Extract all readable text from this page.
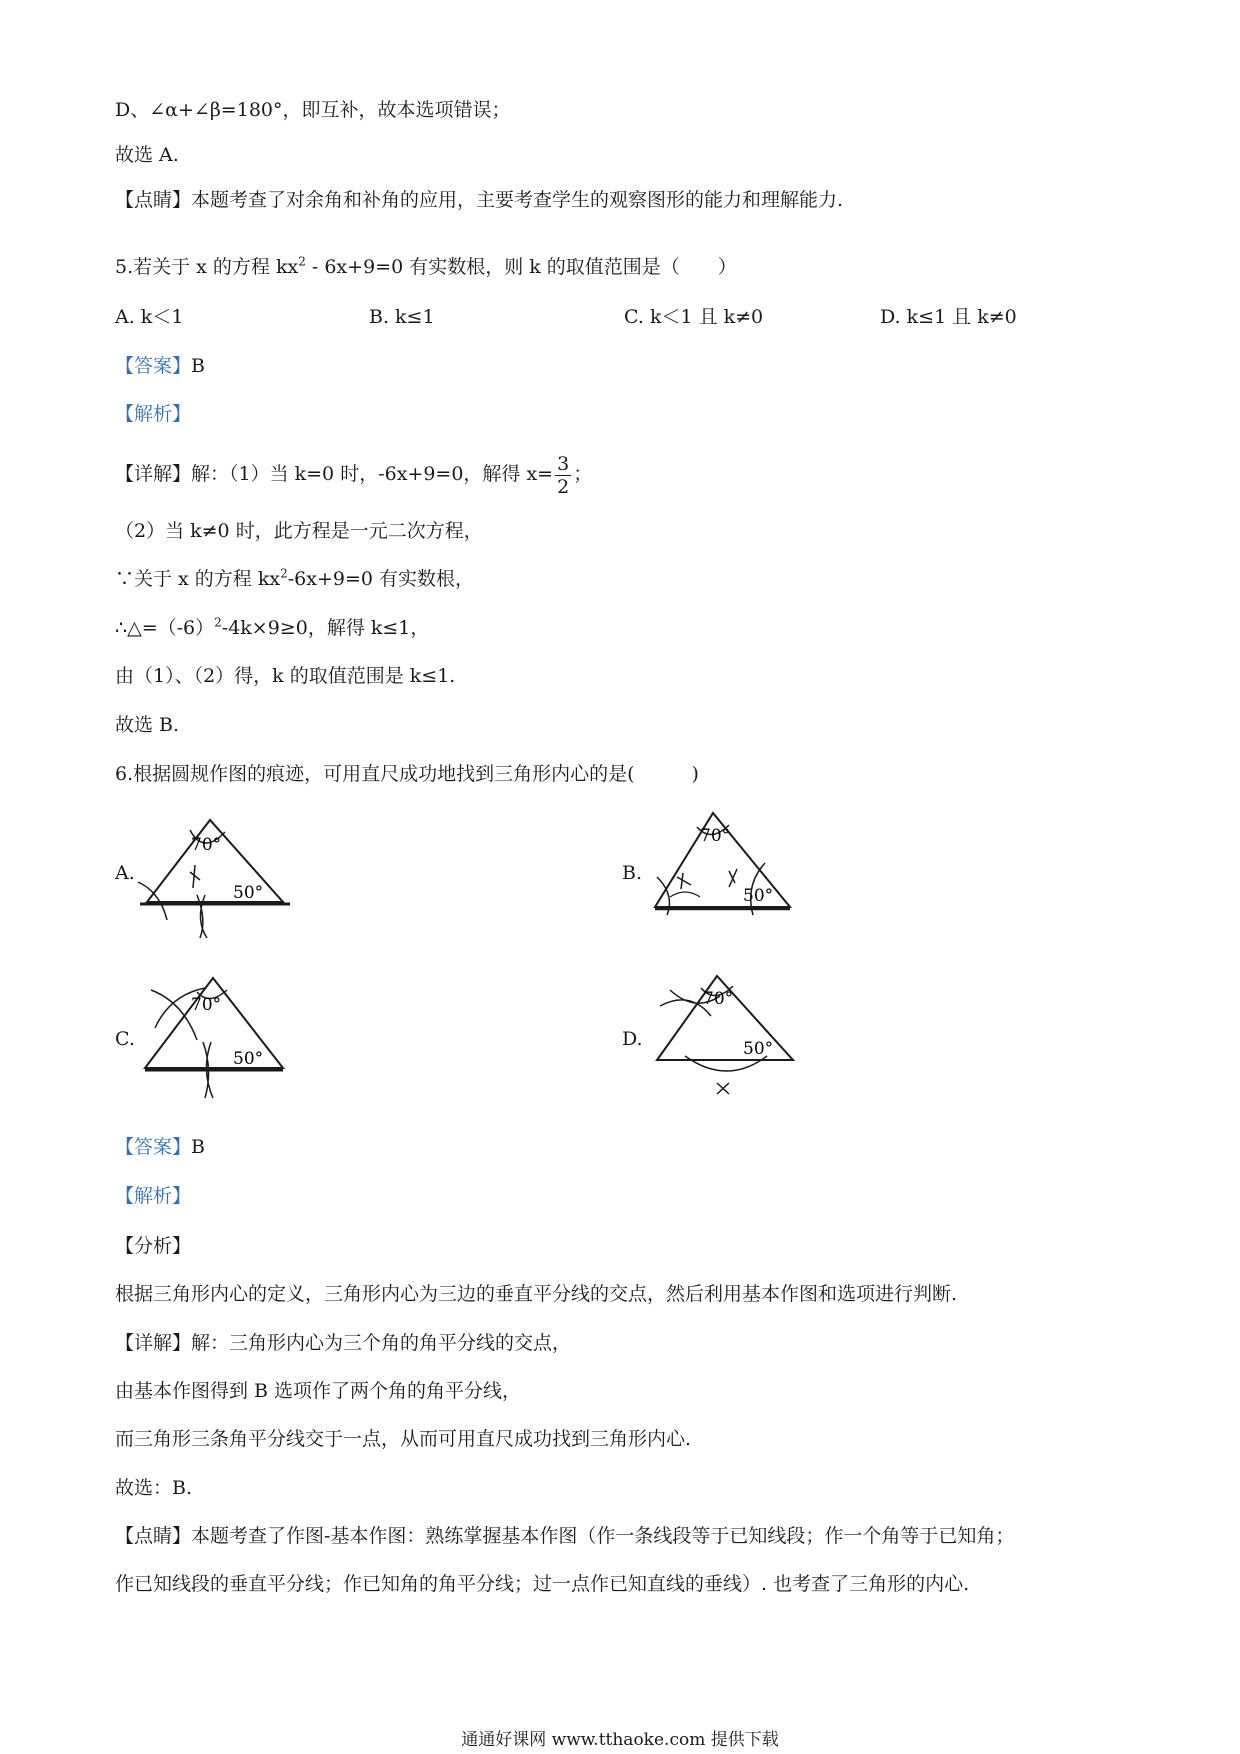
D、∠α+∠β=180°，即互补，故本选项错误；
故选 A.
【点睛】本题考查了对余角和补角的应用，主要考查学生的观察图形的能力和理解能力.
5.若关于 x 的方程 $kx^2 - 6x+9=0$ 有实数根，则 k 的取值范围是（　　）
A. k＜1	B. k≤1	C. k＜1 且 k≠0	D. k≤1 且 k≠0
【答案】B
【解析】
【详解】解：（1）当 k=0 时，-6x+9=0，解得 $x= \frac{3}{2}$ ；
（2）当 k≠0 时，此方程是一元二次方程，
∵关于 x 的方程 $kx^2-6x+9=0$ 有实数根，
$\therefore\triangle=(-6)^2-4k\times 9\ge 0$，解得 k≤1，
由（1）、（2）得，k 的取值范围是 k≤1.
故选 B.
6.根据圆规作图的痕迹，可用直尺成功地找到三角形内心的是(　　　)
A.
70°
50°
B.
70°
50°
C.
70°
50°
D.
70°
50°
【答案】B
【解析】
【分析】
根据三角形内心的定义，三角形内心为三边的垂直平分线的交点，然后利用基本作图和选项进行判断.
【详解】解：三角形内心为三个角的角平分线的交点，
由基本作图得到 B 选项作了两个角的角平分线，
而三角形三条角平分线交于一点，从而可用直尺成功找到三角形内心.
故选：B.
【点睛】本题考查了作图-基本作图：熟练掌握基本作图（作一条线段等于已知线段；作一个角等于已知角；
作已知线段的垂直平分线；作已知角的角平分线；过一点作已知直线的垂线）. 也考查了三角形的内心.
通通好课网 www.tthaoke.com 提供下载
